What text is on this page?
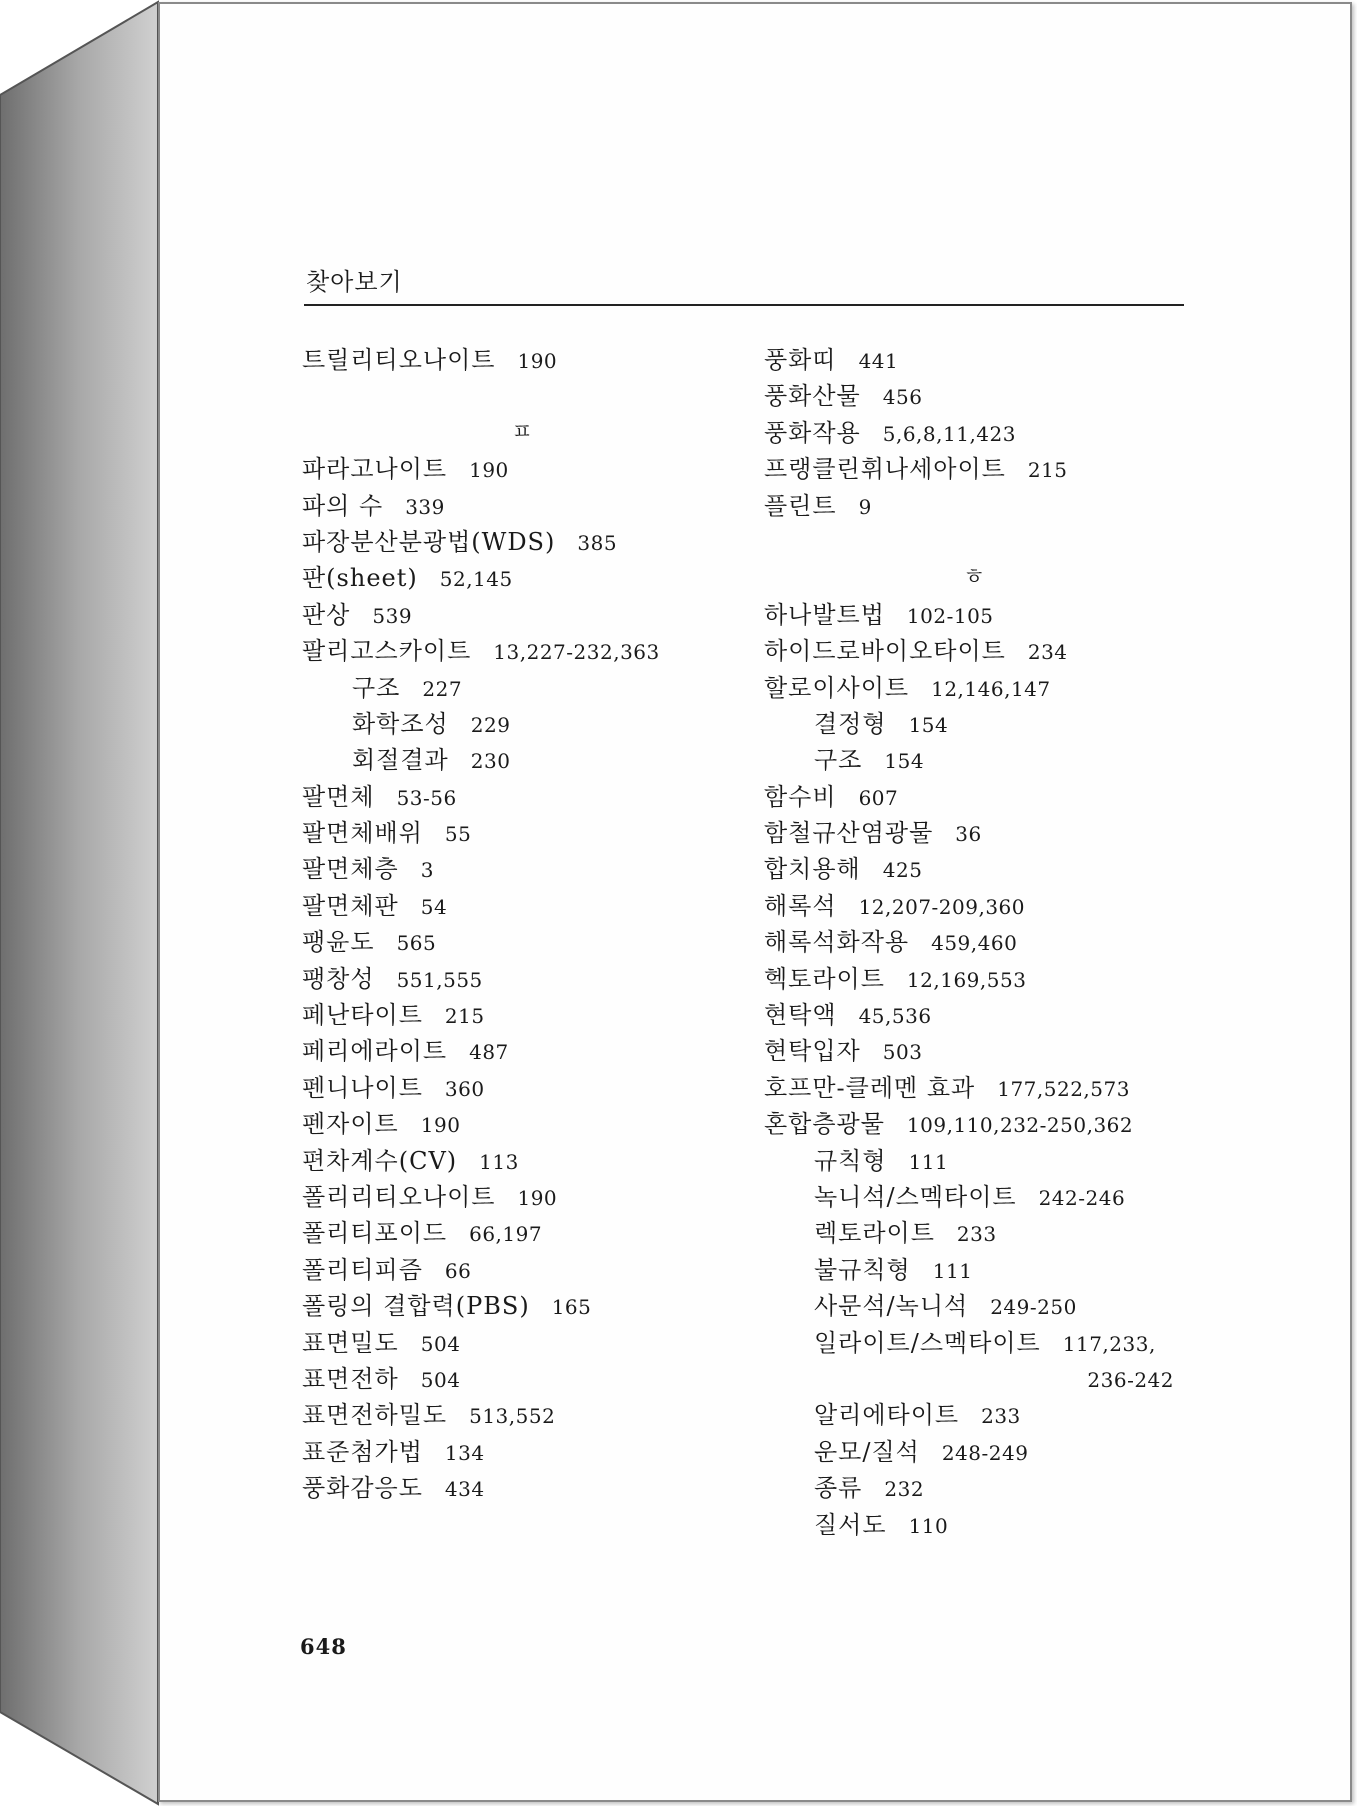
찾아보기
트릴리티오나이트 190
ㅍ
파라고나이트 190
파의 수 339
파장분산분광법(WDS) 385
판(sheet) 52,145
판상 539
팔리고스카이트 13,227-232,363
구조 227
화학조성 229
회절결과 230
팔면체 53-56
팔면체배위 55
팔면체층 3
팔면체판 54
팽윤도 565
팽창성 551,555
페난타이트 215
페리에라이트 487
펜니나이트 360
펜자이트 190
편차계수(CV) 113
폴리리티오나이트 190
폴리티포이드 66,197
폴리티피즘 66
폴링의 결합력(PBS) 165
표면밀도 504
표면전하 504
표면전하밀도 513,552
표준첨가법 134
풍화감응도 434
풍화띠 441
풍화산물 456
풍화작용 5,6,8,11,423
프랭클린휘나세아이트 215
플린트 9
ㅎ
하나발트법 102-105
하이드로바이오타이트 234
할로이사이트 12,146,147
결정형 154
구조 154
함수비 607
함철규산염광물 36
합치용해 425
해록석 12,207-209,360
해록석화작용 459,460
헥토라이트 12,169,553
현탁액 45,536
현탁입자 503
호프만-클레멘 효과 177,522,573
혼합층광물 109,110,232-250,362
규칙형 111
녹니석/스멕타이트 242-246
렉토라이트 233
불규칙형 111
사문석/녹니석 249-250
일라이트/스멕타이트 117,233,
236-242
알리에타이트 233
운모/질석 248-249
종류 232
질서도 110
648
